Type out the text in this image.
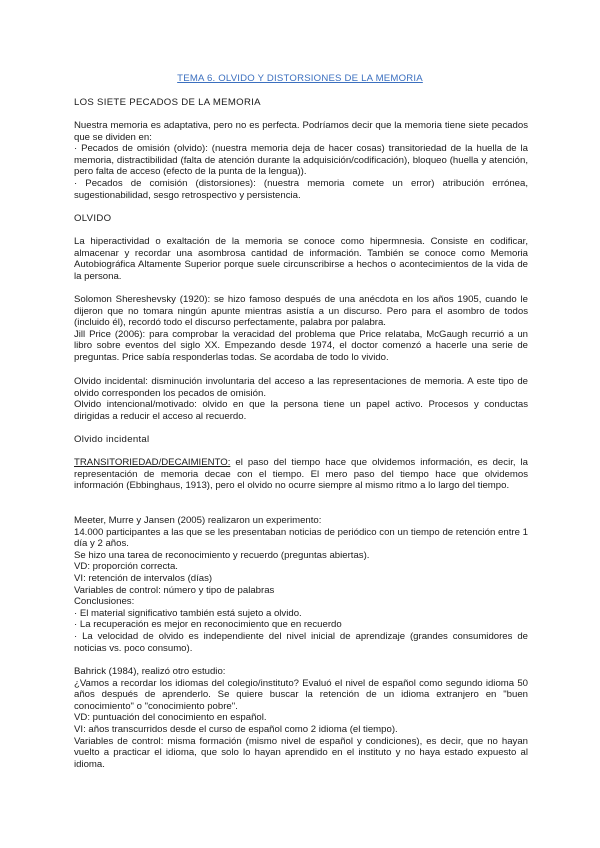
TEMA 6. OLVIDO Y DISTORSIONES DE LA MEMORIA
LOS SIETE PECADOS DE LA MEMORIA
Nuestra memoria es adaptativa, pero no es perfecta. Podríamos decir que la memoria tiene siete pecados que se dividen en:
· Pecados de omisión (olvido): (nuestra memoria deja de hacer cosas) transitoriedad de la huella de la memoria, distractibilidad (falta de atención durante la adquisición/codificación), bloqueo (huella y atención, pero falta de acceso (efecto de la punta de la lengua)).
· Pecados de comisión (distorsiones): (nuestra memoria comete un error) atribución errónea, sugestionabilidad, sesgo retrospectivo y persistencia.
OLVIDO
La hiperactividad o exaltación de la memoria se conoce como hipermnesia. Consiste en codificar, almacenar y recordar una asombrosa cantidad de información. También se conoce como Memoria Autobiográfica Altamente Superior porque suele circunscribirse a hechos o acontecimientos de la vida de la persona.
Solomon Shereshevsky (1920): se hizo famoso después de una anécdota en los años 1905, cuando le dijeron que no tomara ningún apunte mientras asistía a un discurso. Pero para el asombro de todos (incluido él), recordó todo el discurso perfectamente, palabra por palabra.
Jill Price (2006): para comprobar la veracidad del problema que Price relataba, McGaugh recurrió a un libro sobre eventos del siglo XX. Empezando desde 1974, el doctor comenzó a hacerle una serie de preguntas. Price sabía responderlas todas. Se acordaba de todo lo vivido.
Olvido incidental: disminución involuntaria del acceso a las representaciones de memoria. A este tipo de olvido corresponden los pecados de omisión.
Olvido intencional/motivado: olvido en que la persona tiene un papel activo. Procesos y conductas dirigidas a reducir el acceso al recuerdo.
Olvido incidental
TRANSITORIEDAD/DECAIMIENTO: el paso del tiempo hace que olvidemos información, es decir, la representación de memoria decae con el tiempo. El mero paso del tiempo hace que olvidemos información (Ebbinghaus, 1913), pero el olvido no ocurre siempre al mismo ritmo a lo largo del tiempo.
Meeter, Murre y Jansen (2005) realizaron un experimento:
14.000 participantes a las que se les presentaban noticias de periódico con un tiempo de retención entre 1 día y 2 años.
Se hizo una tarea de reconocimiento y recuerdo (preguntas abiertas).
VD: proporción correcta.
VI: retención de intervalos (días)
Variables de control: número y tipo de palabras
Conclusiones:
· El material significativo también está sujeto a olvido.
· La recuperación es mejor en reconocimiento que en recuerdo
· La velocidad de olvido es independiente del nivel inicial de aprendizaje (grandes consumidores de noticias vs. poco consumo).
Bahrick (1984), realizó otro estudio:
¿Vamos a recordar los idiomas del colegio/instituto? Evaluó el nivel de español como segundo idioma 50 años después de aprenderlo. Se quiere buscar la retención de un idioma extranjero en "buen conocimiento" o "conocimiento pobre".
VD: puntuación del conocimiento en español.
VI: años transcurridos desde el curso de español como 2 idioma (el tiempo).
Variables de control: misma formación (mismo nivel de español y condiciones), es decir, que no hayan vuelto a practicar el idioma, que solo lo hayan aprendido en el instituto y no haya estado expuesto al idioma.
